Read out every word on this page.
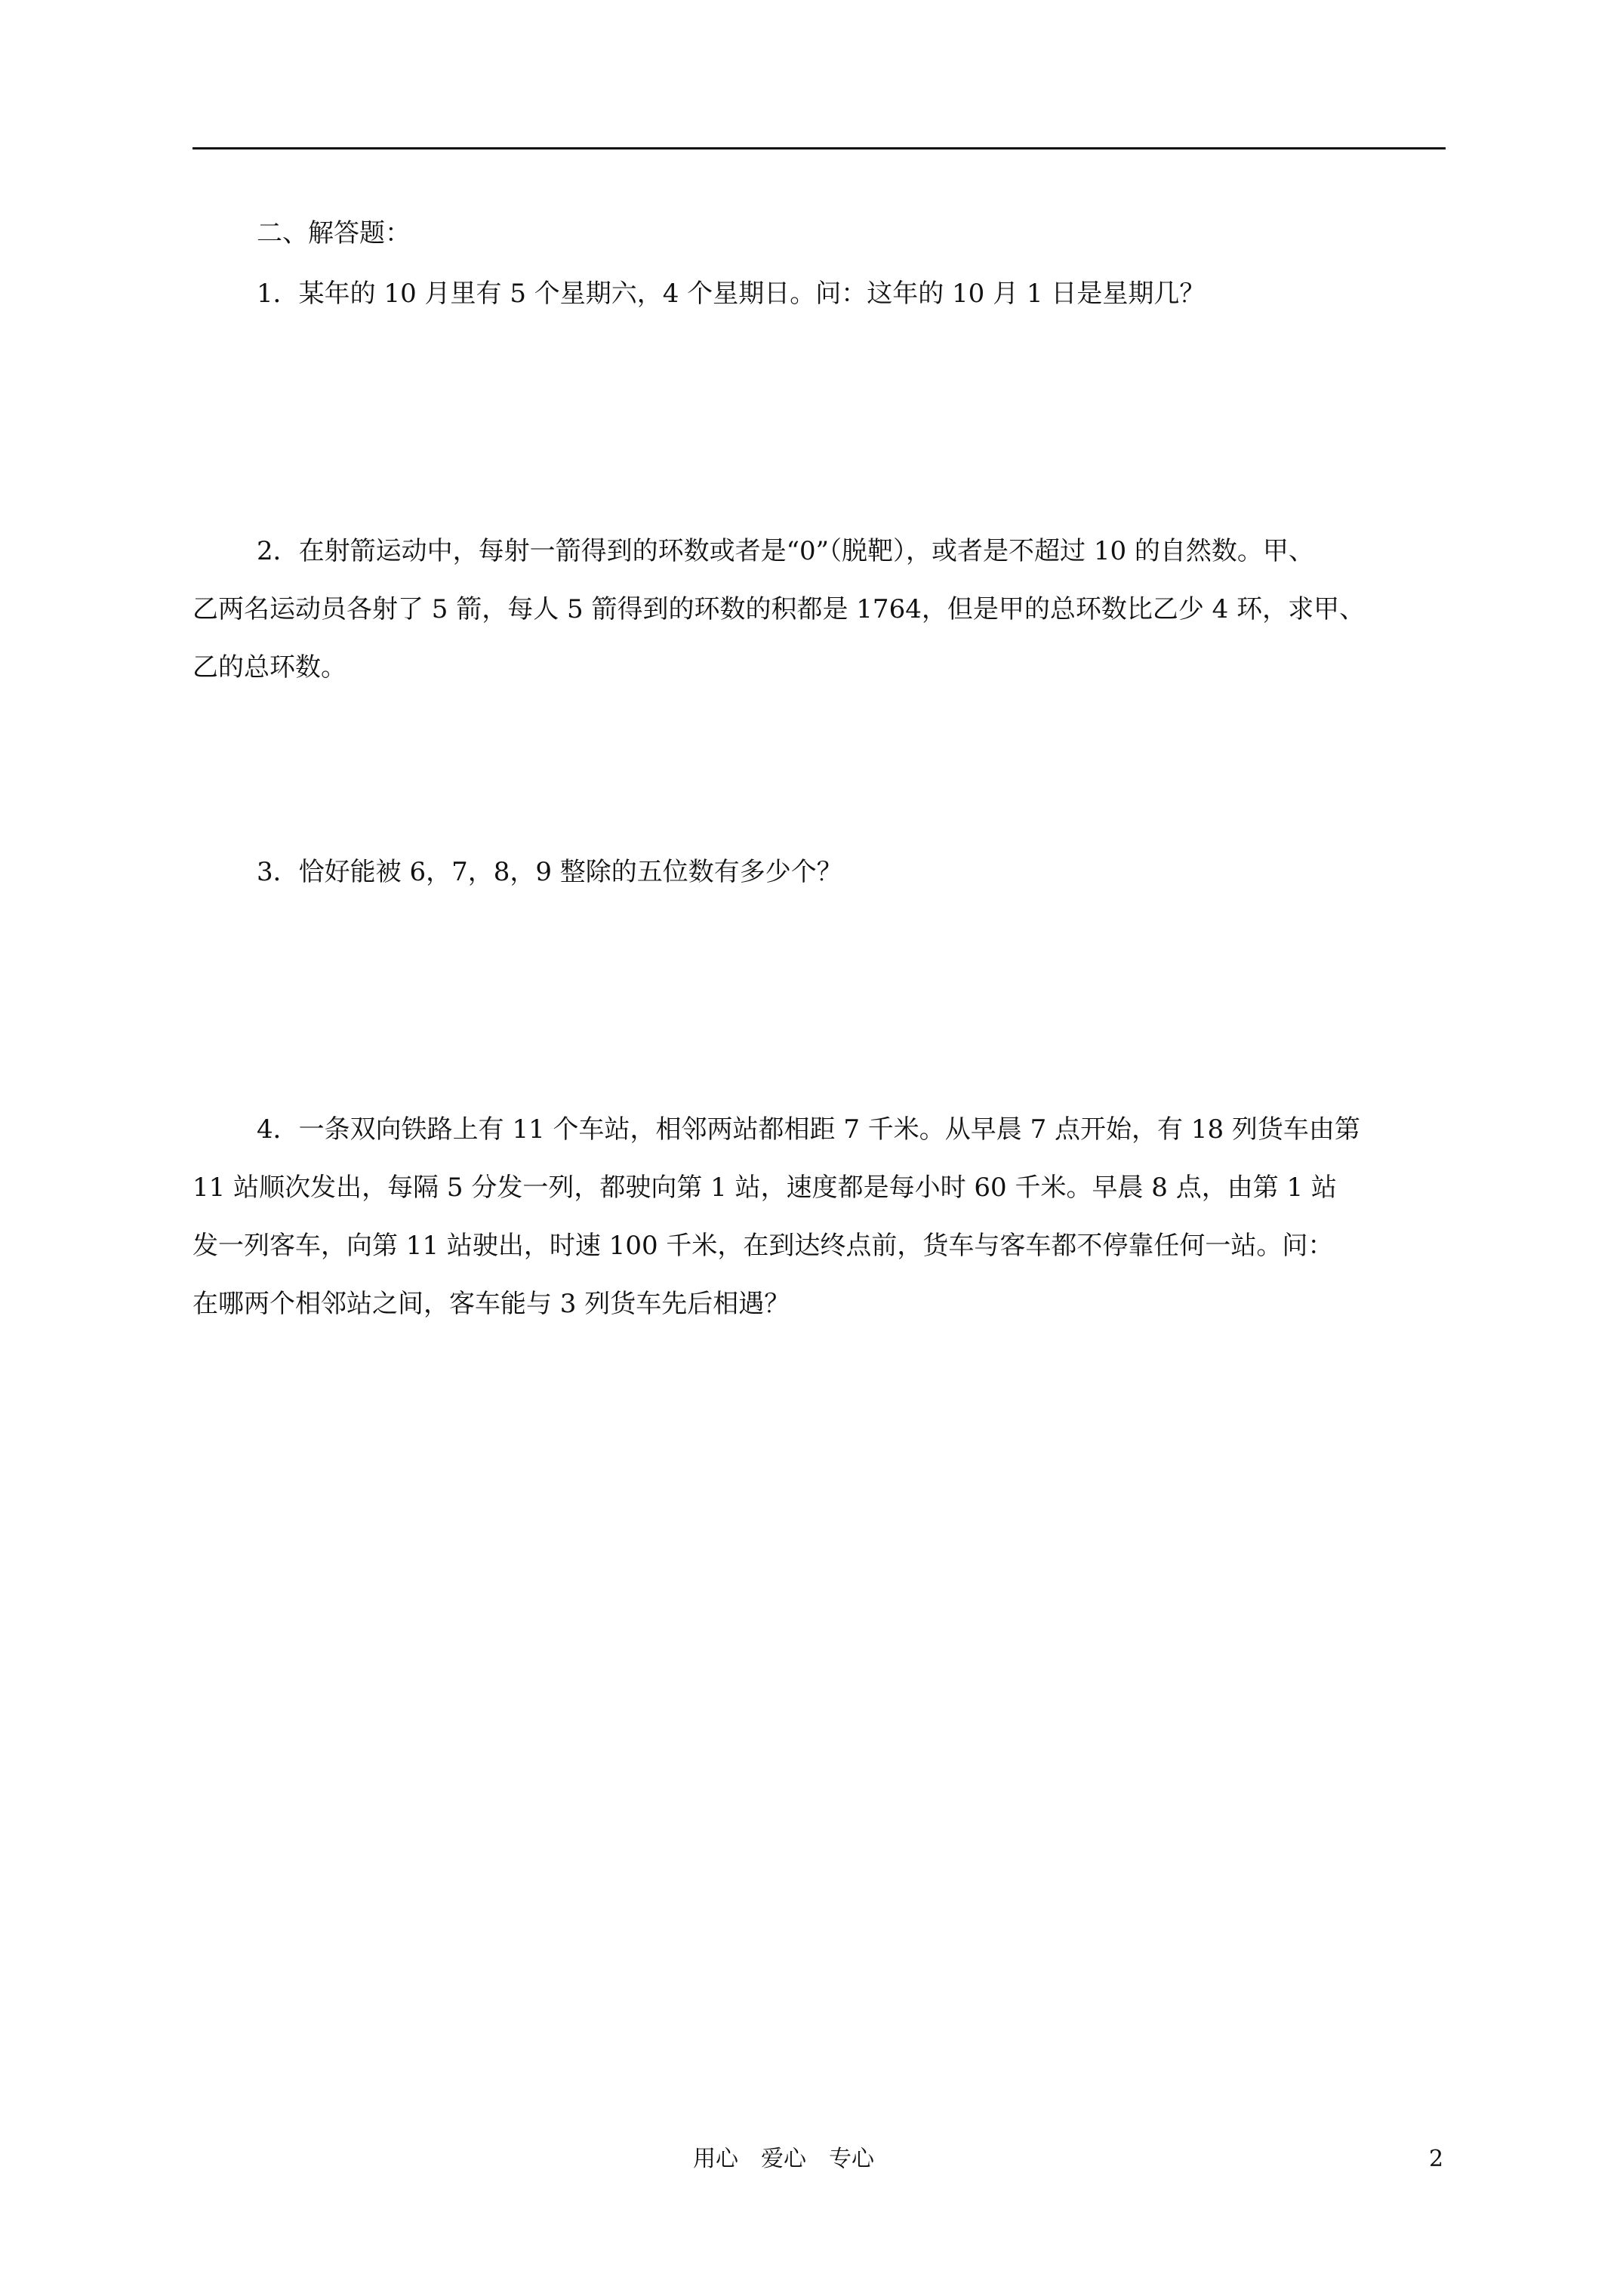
二、解答题：
1．某年的 10 月里有 5 个星期六，4 个星期日。问：这年的 10 月 1 日是星期几？
2．在射箭运动中，每射一箭得到的环数或者是“0”（脱靶），或者是不超过 10 的自然数。甲、
乙两名运动员各射了 5 箭，每人 5 箭得到的环数的积都是 1764，但是甲的总环数比乙少 4 环，求甲、
乙的总环数。
3．恰好能被 6，7，8，9 整除的五位数有多少个？
4．一条双向铁路上有 11 个车站，相邻两站都相距 7 千米。从早晨 7 点开始，有 18 列货车由第
11 站顺次发出，每隔 5 分发一列，都驶向第 1 站，速度都是每小时 60 千米。早晨 8 点，由第 1 站
发一列客车，向第 11 站驶出，时速 100 千米，在到达终点前，货车与客车都不停靠任何一站。问：
在哪两个相邻站之间，客车能与 3 列货车先后相遇？
用心　爱心　专心	2
